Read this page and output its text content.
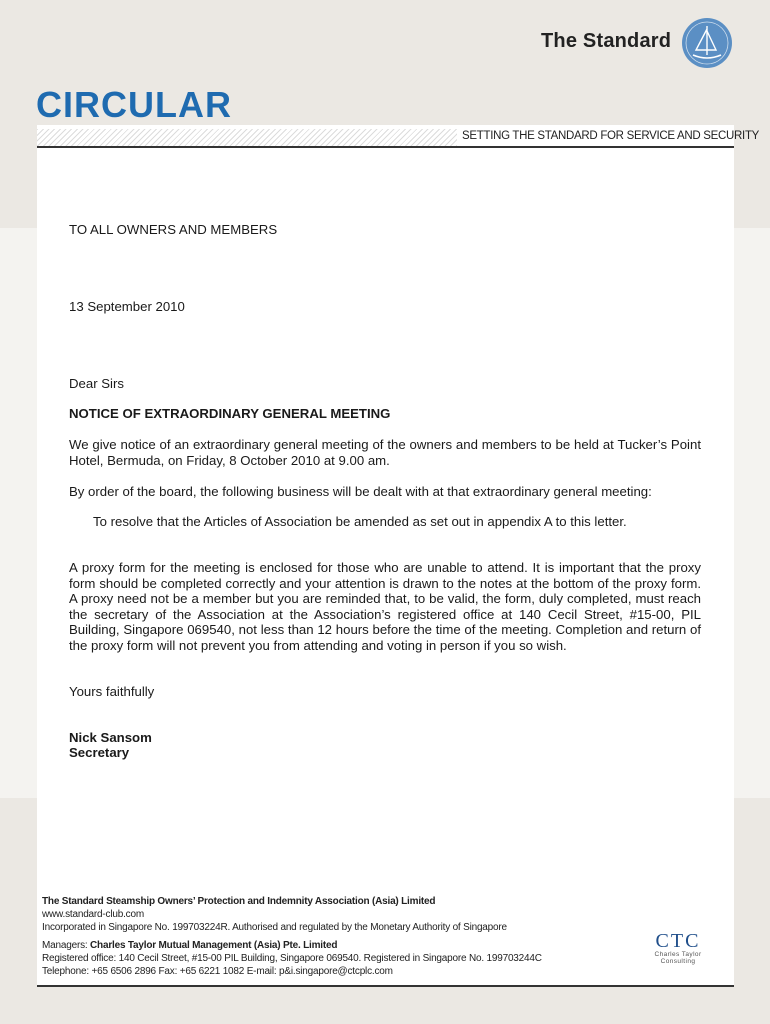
The Standard
CIRCULAR
SETTING THE STANDARD FOR SERVICE AND SECURITY
TO ALL OWNERS AND MEMBERS
13 September 2010
Dear Sirs
NOTICE OF EXTRAORDINARY GENERAL MEETING
We give notice of an extraordinary general meeting of the owners and members to be held at Tucker’s Point Hotel, Bermuda, on Friday, 8 October 2010 at 9.00 am.
By order of the board, the following business will be dealt with at that extraordinary general meeting:
To resolve that the Articles of Association be amended as set out in appendix A to this letter.
A proxy form for the meeting is enclosed for those who are unable to attend. It is important that the proxy form should be completed correctly and your attention is drawn to the notes at the bottom of the proxy form. A proxy need not be a member but you are reminded that, to be valid, the form, duly completed, must reach the secretary of the Association at the Association’s registered office at 140 Cecil Street, #15-00, PIL Building, Singapore 069540, not less than 12 hours before the time of the meeting. Completion and return of the proxy form will not prevent you from attending and voting in person if you so wish.
Yours faithfully
Nick Sansom
Secretary
The Standard Steamship Owners’ Protection and Indemnity Association (Asia) Limited
www.standard-club.com
Incorporated in Singapore No. 199703224R. Authorised and regulated by the Monetary Authority of Singapore
Managers: Charles Taylor Mutual Management (Asia) Pte. Limited
Registered office: 140 Cecil Street, #15-00 PIL Building, Singapore 069540. Registered in Singapore No. 199703244C
Telephone: +65 6506 2896 Fax: +65 6221 1082 E-mail: p&i.singapore@ctcplc.com
CTC
Charles Taylor
Consulting
